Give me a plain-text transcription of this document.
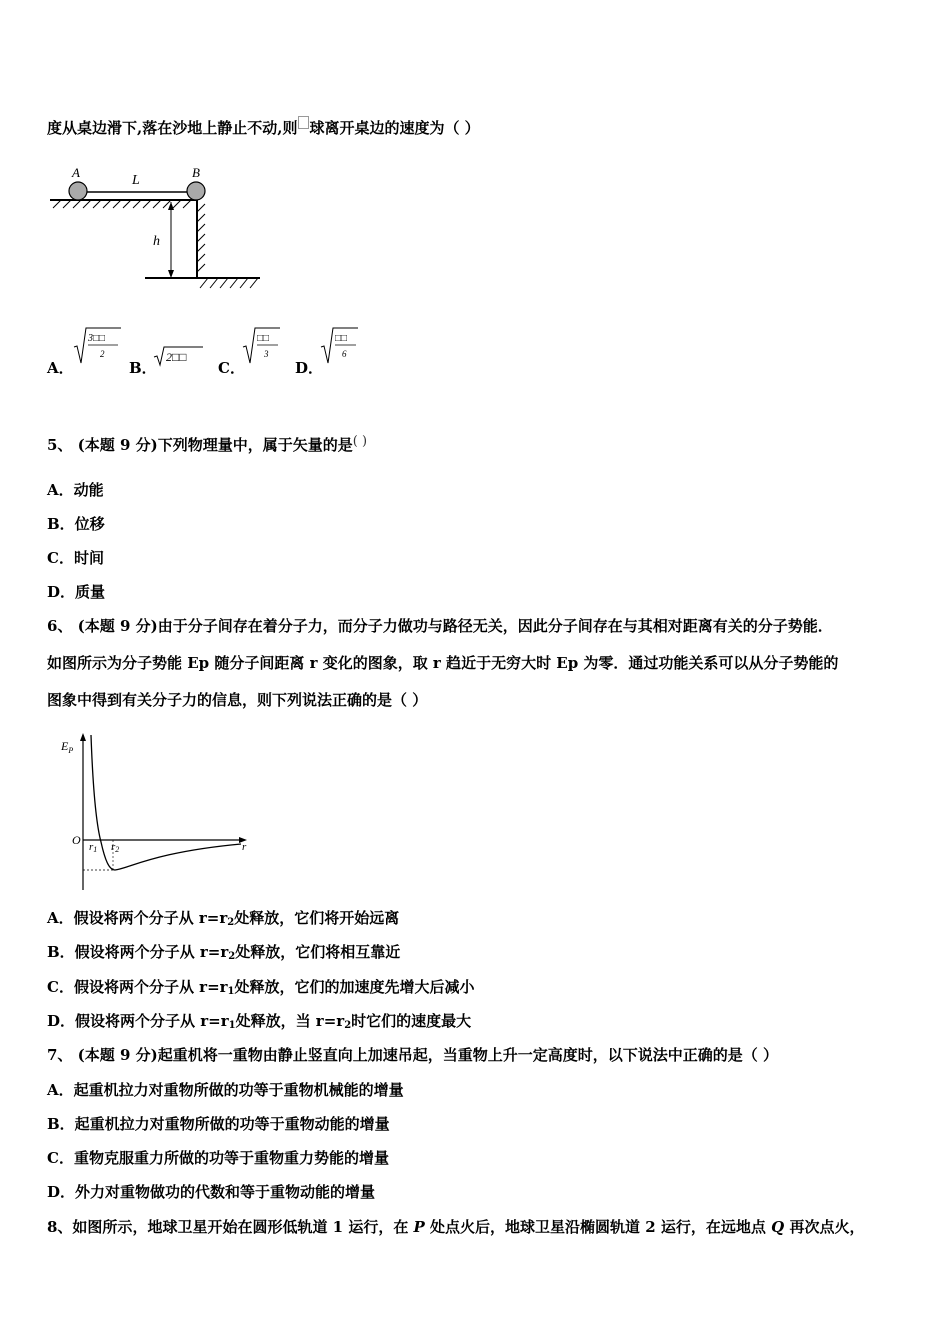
度从桌边滑下,落在沙地上静止不动,则 球离开桌边的速度为（ ）
A	B
L
h
A．
3□□
2
B．
2□□
C．
□□
3
D．
□□
6
5、 (本题 9 分)下列物理量中，属于矢量的是( )
A．动能
B．位移
C．时间
D．质量
6、 (本题 9 分)由于分子间存在着分子力，而分子力做功与路径无关，因此分子间存在与其相对距离有关的分子势能．
如图所示为分子势能 Ep 随分子间距离 r 变化的图象，取 r 趋近于无穷大时 Ep 为零．通过功能关系可以从分子势能的
图象中得到有关分子力的信息，则下列说法正确的是（ ）
$E_P$
O r1 r2	r
A．假设将两个分子从 $r=r_2$处释放，它们将开始远离
B．假设将两个分子从 $r=r_2$处释放，它们将相互靠近
C．假设将两个分子从 $r=r_1$处释放，它们的加速度先增大后减小
D．假设将两个分子从 $r=r_1$处释放，当 $r=r_2$时它们的速度最大
7、 (本题 9 分)起重机将一重物由静止竖直向上加速吊起，当重物上升一定高度时，以下说法中正确的是（ ）
A．起重机拉力对重物所做的功等于重物机械能的增量
B．起重机拉力对重物所做的功等于重物动能的增量
C．重物克服重力所做的功等于重物重力势能的增量
D．外力对重物做功的代数和等于重物动能的增量
8、如图所示，地球卫星开始在圆形低轨道 1 运行，在 P 处点火后，地球卫星沿椭圆轨道 2 运行，在远地点 Q 再次点火，
